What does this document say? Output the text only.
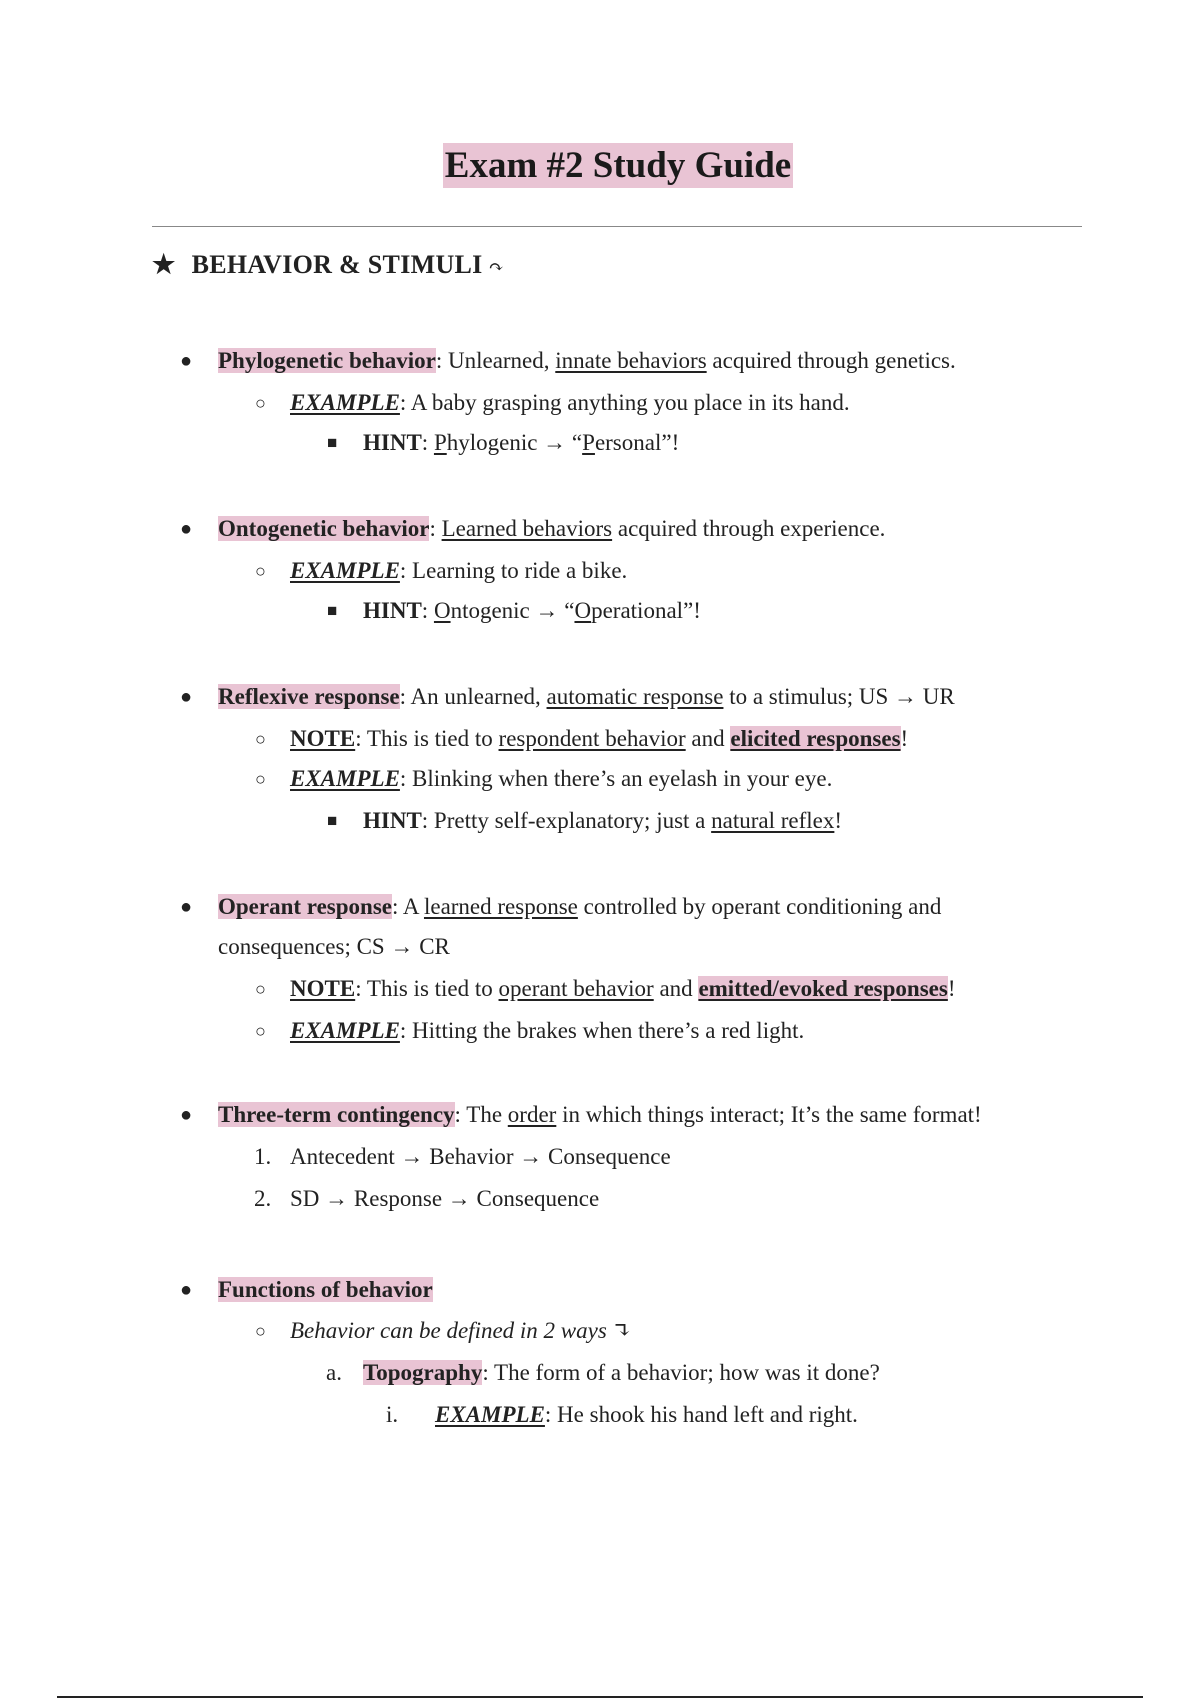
Exam #2 Study Guide
★ BEHAVIOR & STIMULI ↷
● Phylogenetic behavior: Unlearned, innate behaviors acquired through genetics.
○ EXAMPLE: A baby grasping anything you place in its hand.
■ HINT: Phylogenic → “Personal”!
● Ontogenetic behavior: Learned behaviors acquired through experience.
○ EXAMPLE: Learning to ride a bike.
■ HINT: Ontogenic → “Operational”!
● Reflexive response: An unlearned, automatic response to a stimulus; US → UR
○ NOTE: This is tied to respondent behavior and elicited responses!
○ EXAMPLE: Blinking when there’s an eyelash in your eye.
■ HINT: Pretty self-explanatory; just a natural reflex!
● Operant response: A learned response controlled by operant conditioning and
consequences; CS → CR
○ NOTE: This is tied to operant behavior and emitted/evoked responses!
○ EXAMPLE: Hitting the brakes when there’s a red light.
● Three-term contingency: The order in which things interact; It’s the same format!
1. Antecedent → Behavior → Consequence
2. SD → Response → Consequence
● Functions of behavior
○ Behavior can be defined in 2 ways ↴
a. Topography: The form of a behavior; how was it done?
i. EXAMPLE: He shook his hand left and right.
